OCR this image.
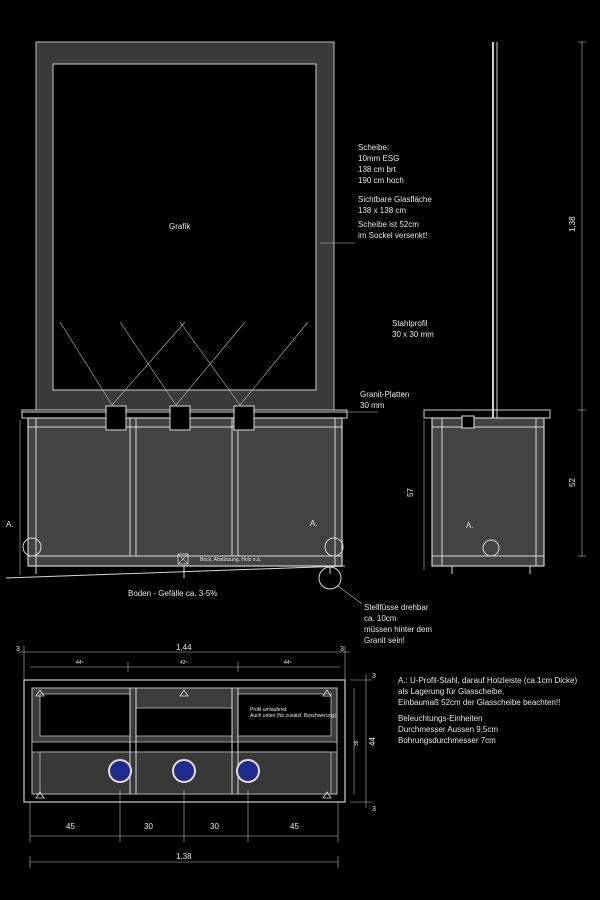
Grafik
A.	A.
Bock, Abstützung, Holz o.ä.
Boden - Gefälle ca. 3-5%
Scheibe:
10mm ESG
138 cm brt
190 cm hoch
Sichtbare Glasfläche
138 x 138 cm
Scheibe ist 52cm
im Sockel versenkt!
Stahlprofil
30 x 30 mm
Granit-Platten
30 mm
Stellfüsse drehbar
ca. 10cm
müssen hinter dem
Granit sein!
57
A.
1,38
52
1,44
3	3
44⁵	42⁵	44⁵
Profil umlaufend.
Auch unten (für zusätzl. Beschwerung).
44
38
3
3
45	30	30	45
1,38
A.: U-Profil-Stahl, darauf Holzleiste (ca.1cm Dicke)
als Lagerung für Glasscheibe.
Einbaumaß 52cm der Glasscheibe beachten!!
Beleuchtungs-Einheiten
Durchmesser Aussen 9,5cm
Bohrungsdurchmesser 7cm
